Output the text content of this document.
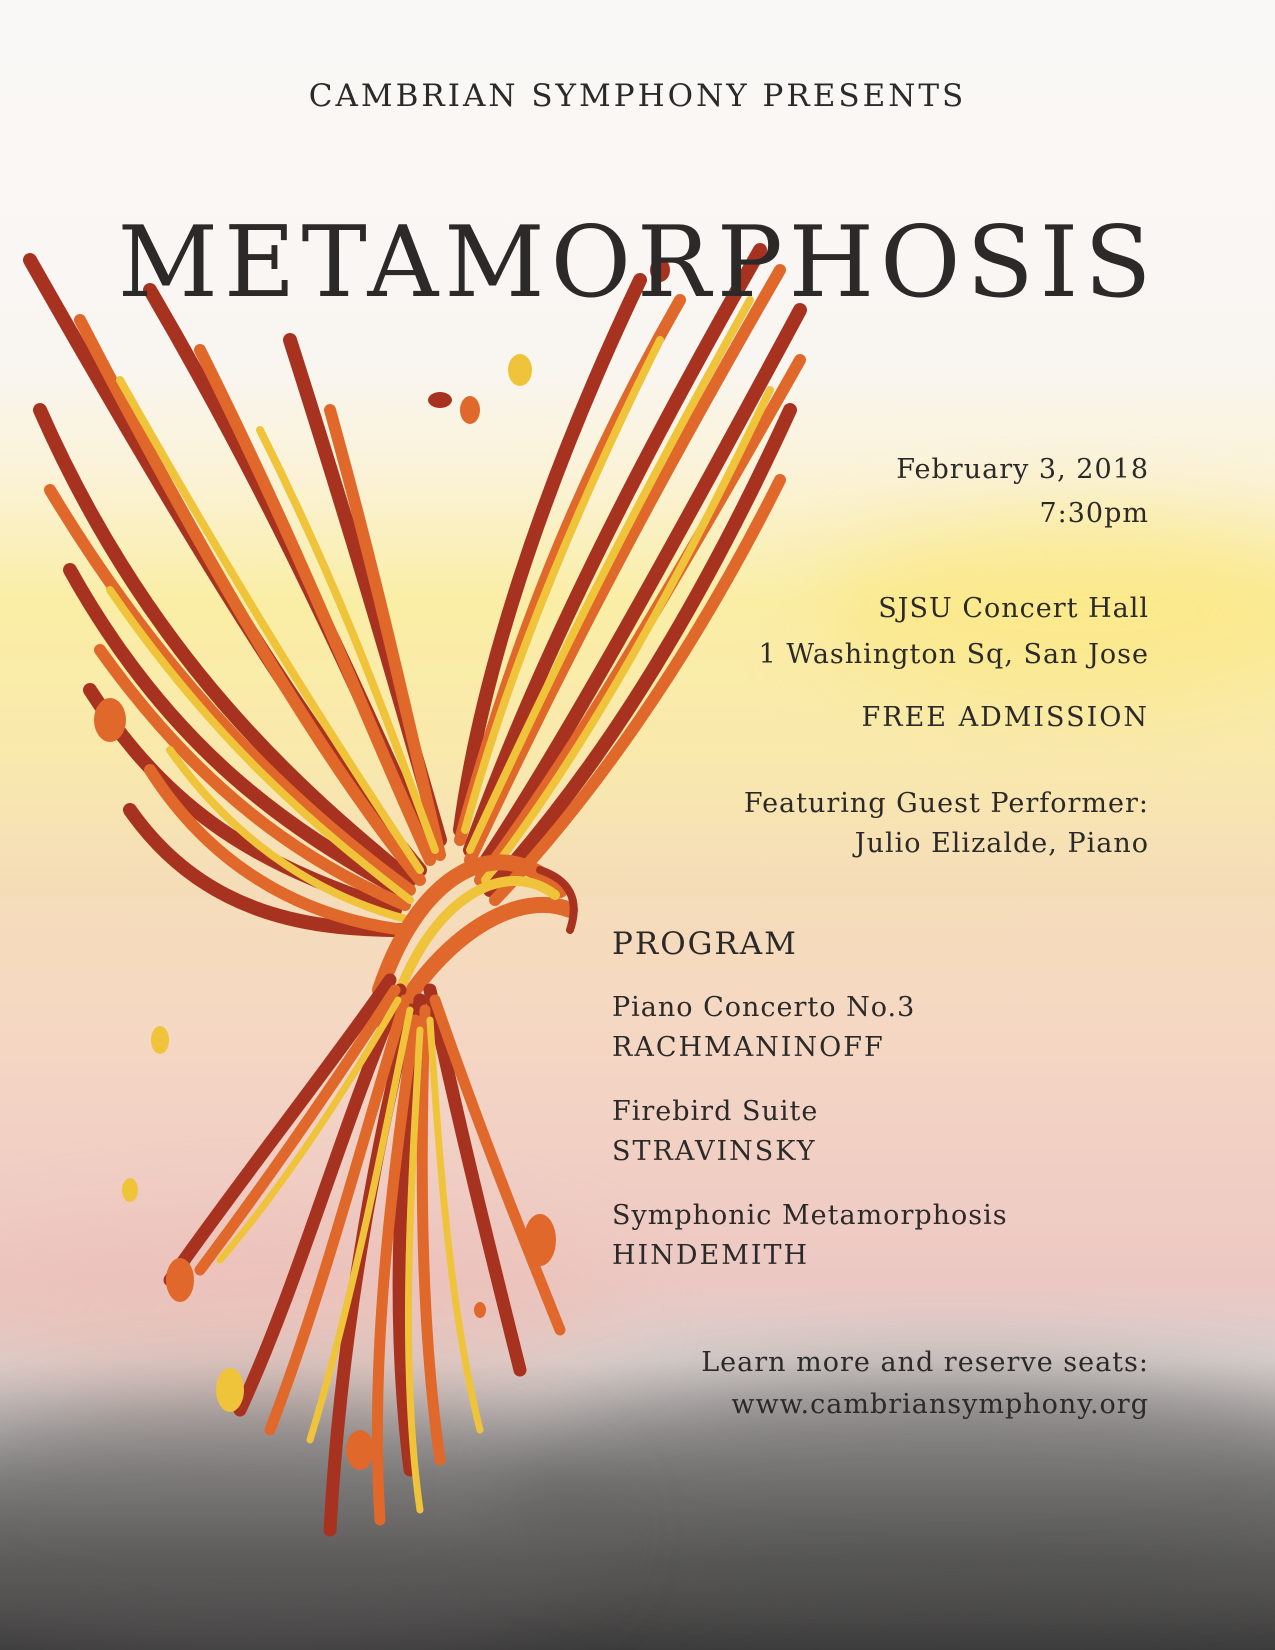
CAMBRIAN SYMPHONY PRESENTS
METAMORPHOSIS
February 3, 2018
7:30pm
SJSU Concert Hall
1 Washington Sq, San Jose
FREE ADMISSION
Featuring Guest Performer:
Julio Elizalde, Piano
PROGRAM
Piano Concerto No.3
RACHMANINOFF
Firebird Suite
STRAVINSKY
Symphonic Metamorphosis
HINDEMITH
Learn more and reserve seats:
www.cambriansymphony.org
